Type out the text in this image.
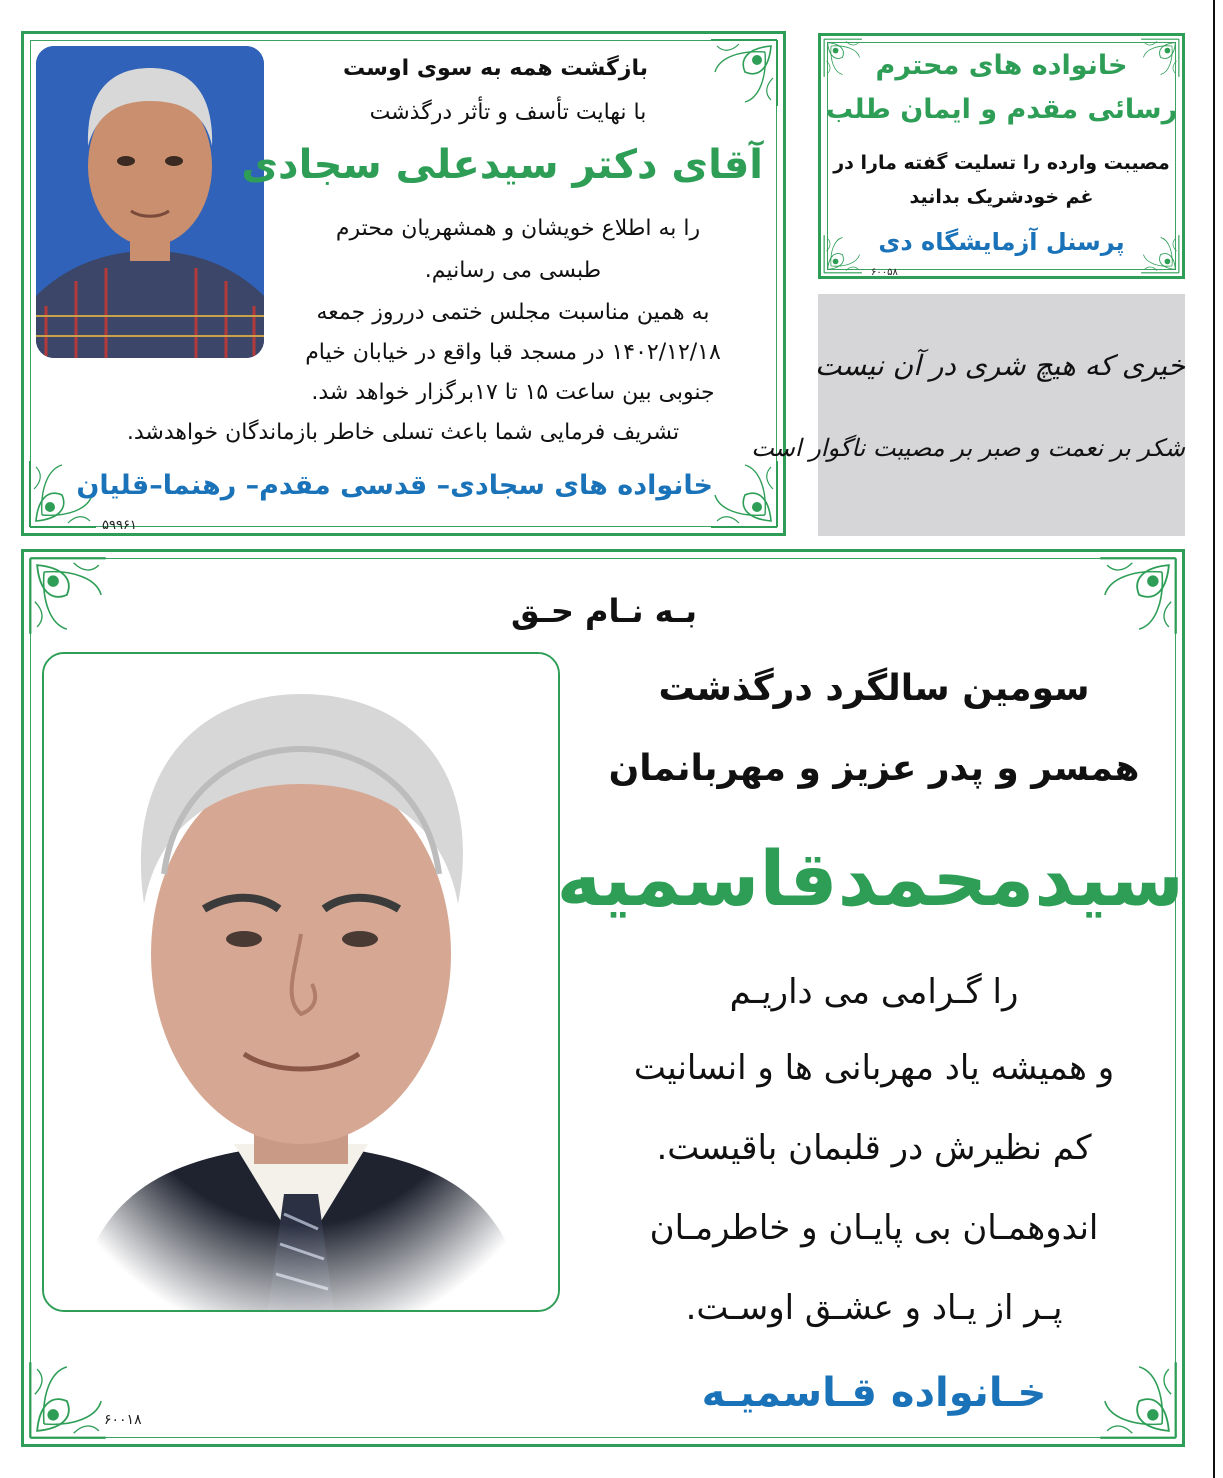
بازگشت همه به سوی اوست
با نهایت تأسف و تأثر درگذشت
آقای دکتر سیدعلی سجادی
را به اطلاع خویشان و همشهریان محترم
طبسی می رسانیم.
به همین مناسبت مجلس ختمی درروز جمعه
۱۴۰۲/۱۲/۱۸ در مسجد قبا واقع در خیابان خیام
جنوبی بین ساعت ۱۵ تا ۱۷برگزار خواهد شد.
تشریف فرمایی شما باعث تسلی خاطر بازماندگان خواهدشد.
خانواده های سجادی– قدسی مقدم– رهنما–قلیان
۵۹۹۶۱
خانواده های محترم
رسائی مقدم و ایمان طلب
مصیبت وارده را تسلیت گفته مارا در
غم خودشریک بدانید
پرسنل آزمایشگاه دی
۶۰۰۵۸
خیری که هیچ شری در آن نیست
شکر بر نعمت و صبر بر مصیبت ناگوار است
بـه نـام حـق
سومین سالگرد درگذشت
همسر و پدر عزیز و مهربانمان
سیدمحمدقاسمیه
را گـرامی می داریـم
و همیشه یاد مهربانی ها و انسانیت
کم نظیرش در قلبمان باقیست.
اندوهمـان بی پایـان و خاطرمـان
پـر از یـاد و عشـق اوسـت.
خـانواده قـاسمیـه
۶۰۰۱۸
